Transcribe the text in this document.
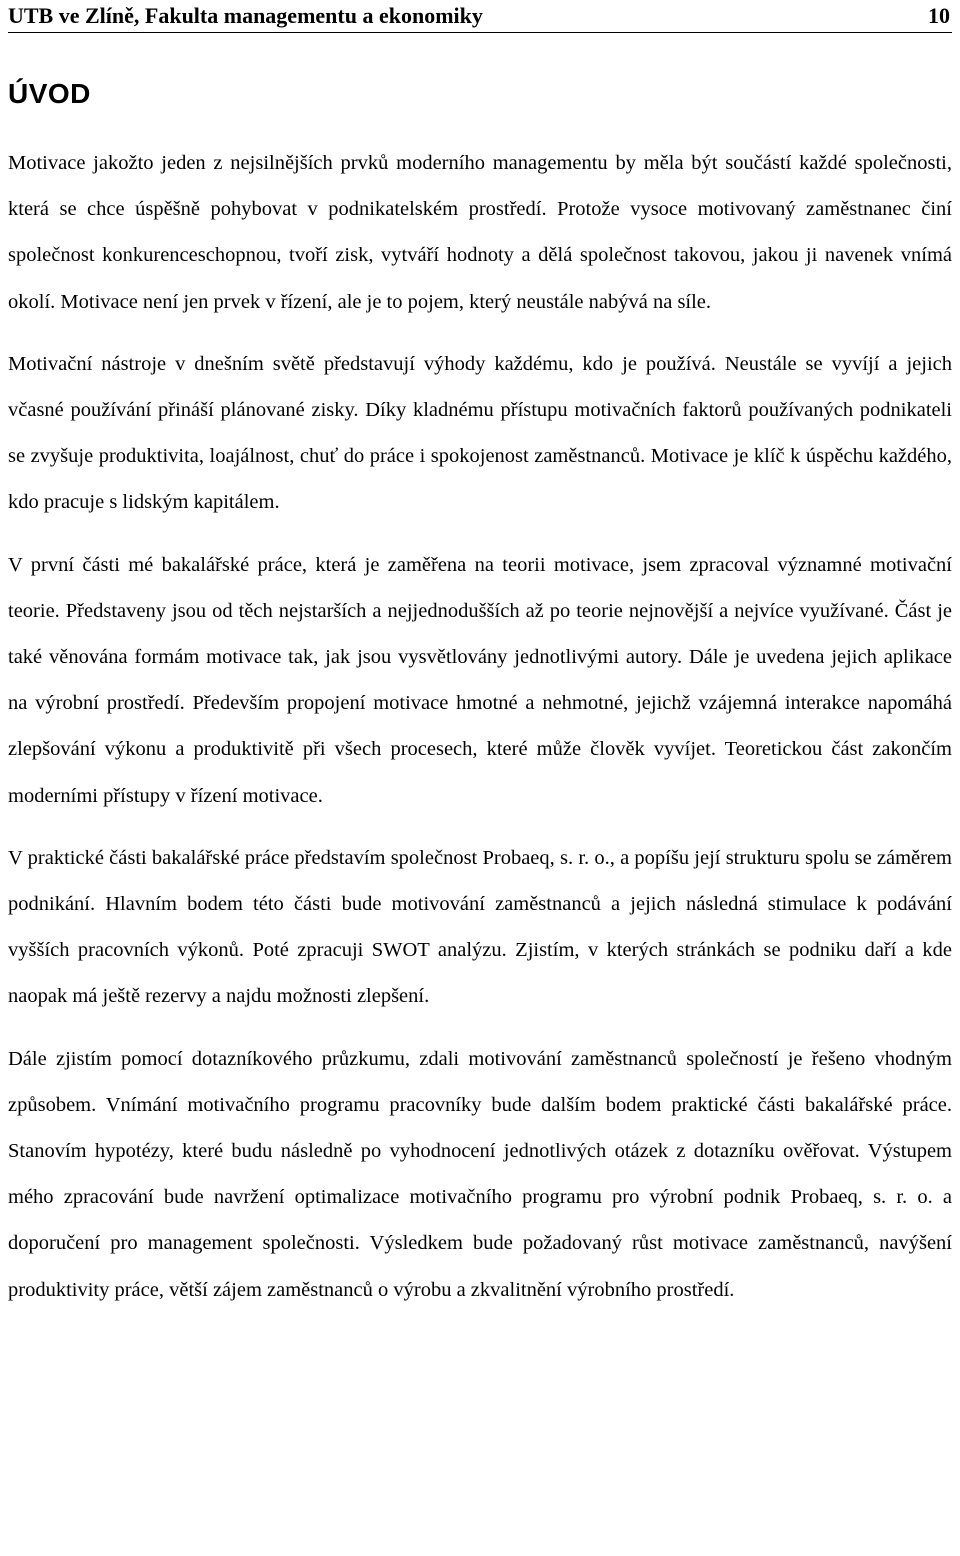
UTB ve Zlíně, Fakulta managementu a ekonomiky	10
ÚVOD

Motivace jakožto jeden z nejsilnějších prvků moderního managementu by měla být součástí každé společnosti, která se chce úspěšně pohybovat v podnikatelském prostředí. Protože vysoce motivovaný zaměstnanec činí společnost konkurenceschopnou, tvoří zisk, vytváří hodnoty a dělá společnost takovou, jakou ji navenek vnímá okolí. Motivace není jen prvek v řízení, ale je to pojem, který neustále nabývá na síle.

Motivační nástroje v dnešním světě představují výhody každému, kdo je používá. Neustále se vyvíjí a jejich včasné používání přináší plánované zisky. Díky kladnému přístupu motivačních faktorů používaných podnikateli se zvyšuje produktivita, loajálnost, chuť do práce i spokojenost zaměstnanců. Motivace je klíč k úspěchu každého, kdo pracuje s lidským kapitálem.

V první části mé bakalářské práce, která je zaměřena na teorii motivace, jsem zpracoval významné motivační teorie. Představeny jsou od těch nejstarších a nejjednodušších až po teorie nejnovější a nejvíce využívané. Část je také věnována formám motivace tak, jak jsou vysvětlovány jednotlivými autory. Dále je uvedena jejich aplikace na výrobní prostředí. Především propojení motivace hmotné a nehmotné, jejichž vzájemná interakce napomáhá zlepšování výkonu a produktivitě při všech procesech, které může člověk vyvíjet. Teoretickou část zakončím moderními přístupy v řízení motivace.

V praktické části bakalářské práce představím společnost Probaeq, s. r. o., a popíšu její strukturu spolu se záměrem podnikání. Hlavním bodem této části bude motivování zaměstnanců a jejich následná stimulace k podávání vyšších pracovních výkonů. Poté zpracuji SWOT analýzu. Zjistím, v kterých stránkách se podniku daří a kde naopak má ještě rezervy a najdu možnosti zlepšení.

Dále zjistím pomocí dotazníkového průzkumu, zdali motivování zaměstnanců společností je řešeno vhodným způsobem. Vnímání motivačního programu pracovníky bude dalším bodem praktické části bakalářské práce. Stanovím hypotézy, které budu následně po vyhodnocení jednotlivých otázek z dotazníku ověřovat. Výstupem mého zpracování bude navržení optimalizace motivačního programu pro výrobní podnik Probaeq, s. r. o. a doporučení pro management společnosti. Výsledkem bude požadovaný růst motivace zaměstnanců, navýšení produktivity práce, větší zájem zaměstnanců o výrobu a zkvalitnění výrobního prostředí.
